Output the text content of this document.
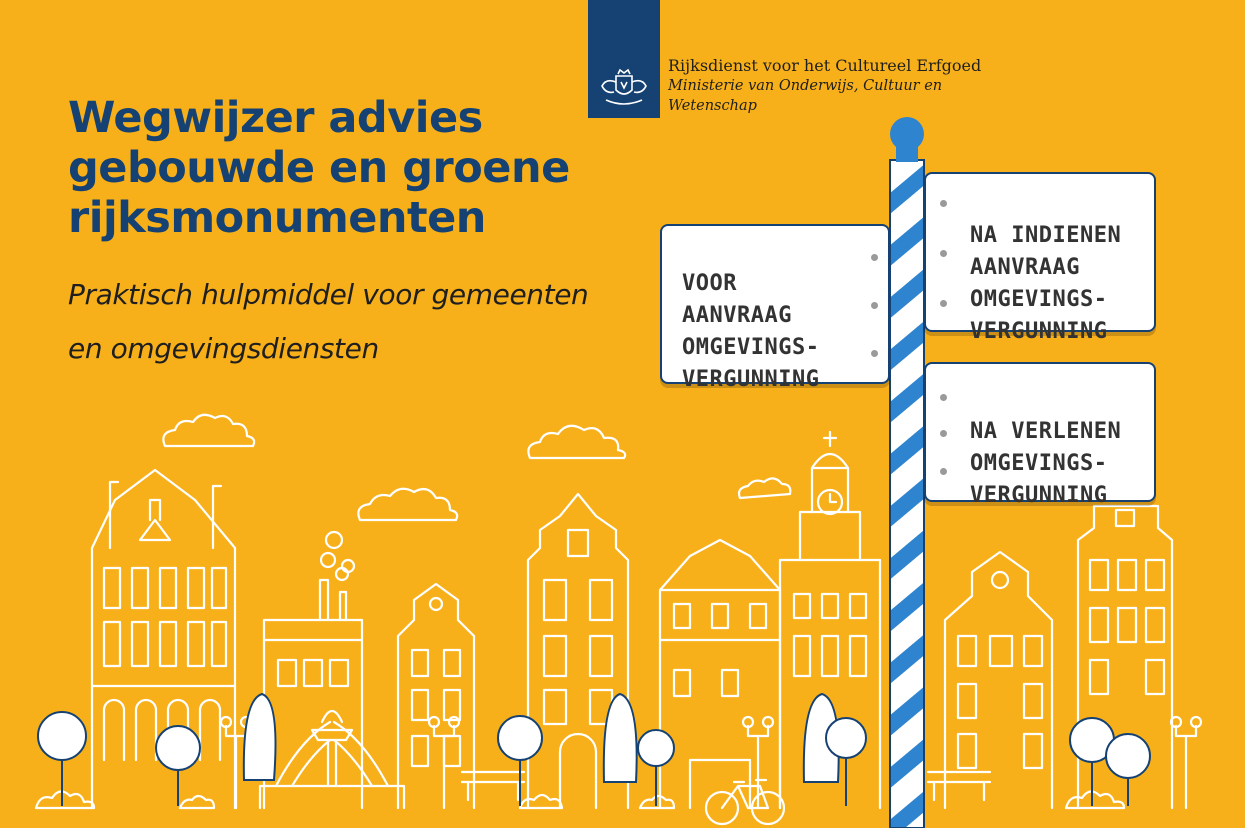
Rijksdienst voor het Cultureel Erfgoed
Ministerie van Onderwijs, Cultuur en Wetenschap
Wegwijzer advies gebouwde en groene rijksmonumenten

Praktisch hulpmiddel voor gemeenten en omgevingsdiensten

VOOR
AANVRAAG
OMGEVINGS-
VERGUNNING

NA INDIENEN
AANVRAAG
OMGEVINGS-
VERGUNNING

NA VERLENEN
OMGEVINGS-
VERGUNNING
